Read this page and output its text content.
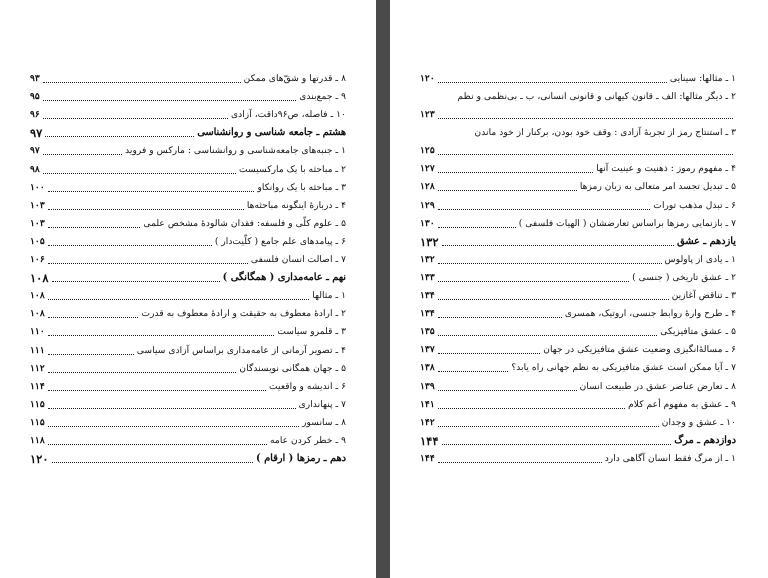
۸ ـ قدرتها و شقّ‌های ممکن
۹۳
۹ ـ جمع‌بندی
۹۵
۱۰ ـ فاصله، ص۹۶داقت، آزادی
۹۶
هشتم ـ جامعه شناسی و روانشناسی
۹۷
۱ ـ جنبه‌های جامعه‌شناسی و روانشناسی : مارکس و فروید
۹۷
۲ ـ مباحثه با یک مارکسیست
۹۸
۳ ـ مباحثه با یک روانکاو
۱۰۰
۴ ـ دربارهٔ اینگونه مباحثه‌ها
۱۰۳
۵ ـ علوم کلّی و فلسفه: فقدان شالودهٔ مشخص علمی
۱۰۳
۶ ـ پیامدهای علم جامع ( کلّیت‌دار )
۱۰۵
۷ ـ اصالت انسان فلسفی
۱۰۶
نهم ـ عامه‌مداری ( همگانگی )
۱۰۸
۱ ـ مثالها
۱۰۸
۲ ـ ارادهٔ معطوف به حقیقت و ارادهٔ معطوف به قدرت
۱۰۸
۳ ـ قلمرو سیاست
۱۱۰
۴ ـ تصویر آرمانی از عامه‌مداری براساس آزادی سیاسی
۱۱۱
۵ ـ جهان همگانی نویسندگان
۱۱۲
۶ ـ اندیشه و واقعیت
۱۱۴
۷ ـ پنهانداری
۱۱۵
۸ ـ سانسور
۱۱۵
۹ ـ خطر کردن عامه
۱۱۸
دهم ـ رمزها ( ارقام )
۱۲۰
۱ ـ مثالها: سینایی
۱۲۰
۲ ـ دیگر مثالها: الف ـ قانون کیهانی و قانونی انسانی، ب ـ بی‌نظمی و نظم
۱۲۳
۳ ـ استنتاج رمز از تجربهٔ آزادی : وقف خود بودن، برکنار از خود ماندن
۱۲۵
۴ ـ مفهوم رموز : ذهنیت و عینیت آنها
۱۲۷
۵ ـ تبدیل تجسد امر متعالی به زبان رمزها
۱۲۸
۶ ـ تبدل مذهب تورات
۱۲۹
۷ ـ بازنمایی رمزها براساس تعارضشان ( الهیات فلسفی )
۱۳۰
یازدهم ـ عشق
۱۳۲
۱ ـ یادی از پاولوس
۱۳۲
۲ ـ عشق تاریخی ( جنسی )
۱۳۳
۳ ـ تناقض آغازین
۱۳۴
۴ ـ طرح وارهٔ روابط جنسی، اروتیک، همسری
۱۳۴
۵ ـ عشق متافیزیکی
۱۳۵
۶ ـ مسالهٔ‌انگیزی وضعیت عشق متافیزیکی در جهان
۱۳۷
۷ ـ آیا ممکن است عشق متافیزیکی به نظم جهانی راه یابد؟
۱۳۸
۸ ـ تعارض عناصر عشق در طبیعت انسان
۱۳۹
۹ ـ عشق به مفهوم أعم کلام
۱۴۱
۱۰ ـ عشق و وجدان
۱۴۲
دوازدهم ـ مرگ
۱۴۴
۱ ـ از مرگ فقط انسان آگاهی دارد
۱۴۴
